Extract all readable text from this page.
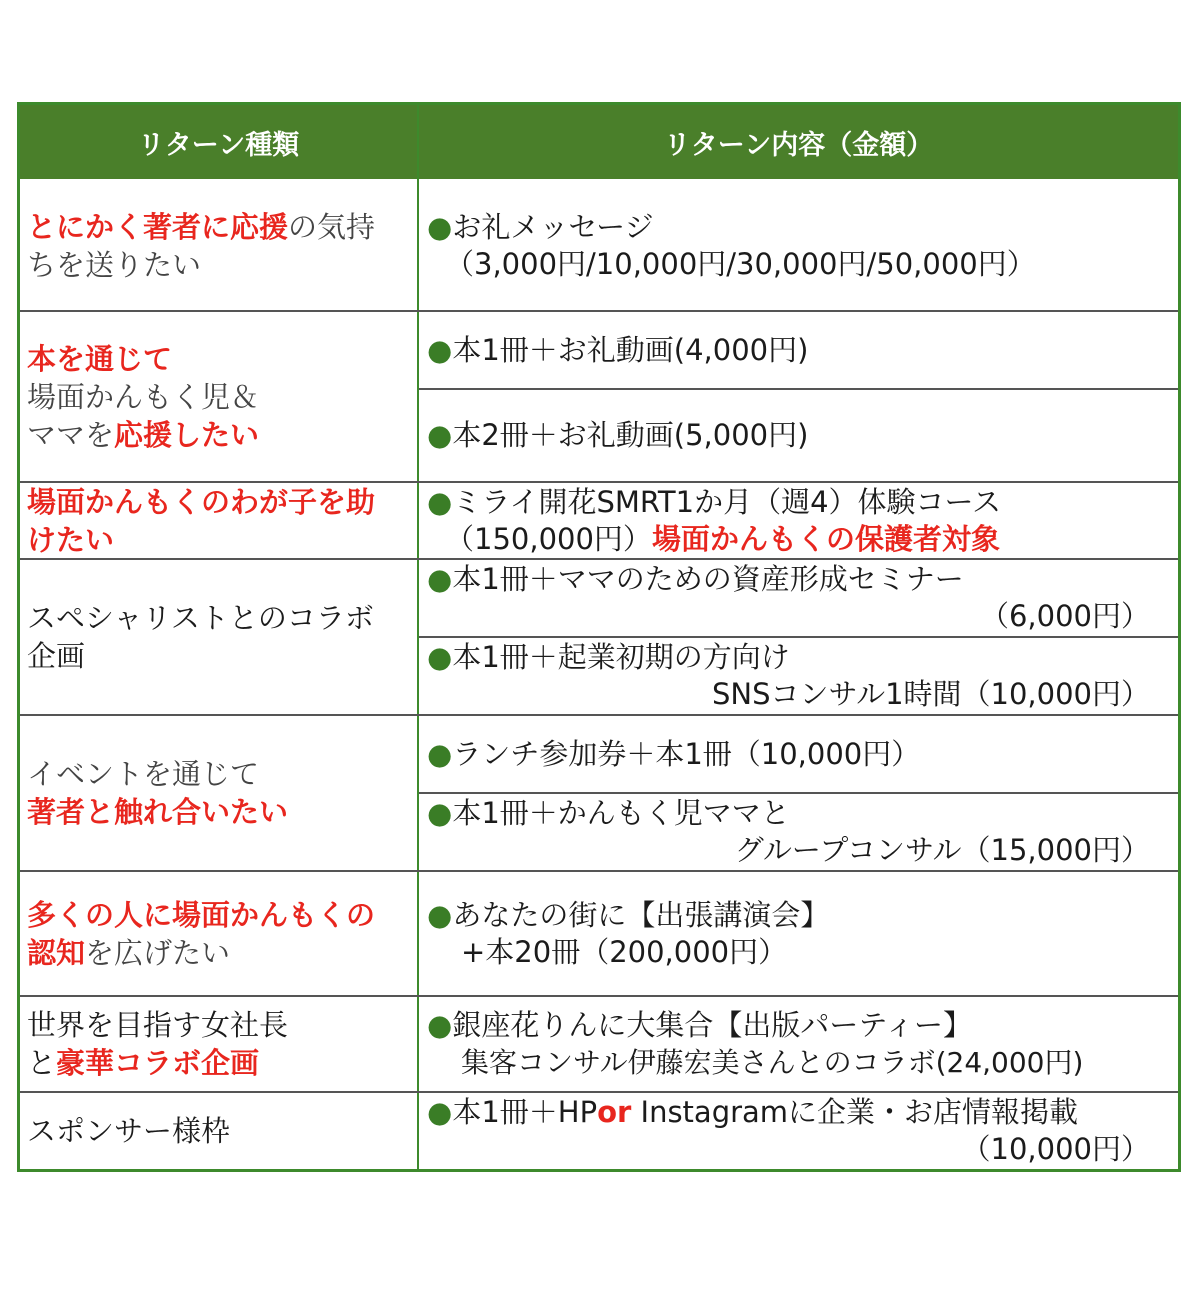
リターン種類	リターン内容（金額）
とにかく著者に応援の気持
ちを送りたい
●お礼メッセージ
（3,000円/10,000円/30,000円/50,000円）
本を通じて
場面かんもく児＆
ママを応援したい
●本1冊＋お礼動画(4,000円)
●本2冊＋お礼動画(5,000円)
場面かんもくのわが子を助
けたい
●ミライ開花SMRT1か月（週4）体験コース
（150,000円）場面かんもくの保護者対象
スペシャリストとのコラボ
企画
●本1冊＋ママのための資産形成セミナー
（6,000円）
●本1冊＋起業初期の方向け
SNSコンサル1時間（10,000円）
イベントを通じて
著者と触れ合いたい
●ランチ参加券＋本1冊（10,000円）
●本1冊＋かんもく児ママと
グループコンサル（15,000円）
多くの人に場面かんもくの
認知を広げたい
●あなたの街に【出張講演会】
+本20冊（200,000円）
世界を目指す女社長
と豪華コラボ企画
●銀座花りんに大集合【出版パーティー】
集客コンサル伊藤宏美さんとのコラボ(24,000円)
スポンサー様枠
●本1冊＋HPor Instagramに企業・お店情報掲載
（10,000円）
